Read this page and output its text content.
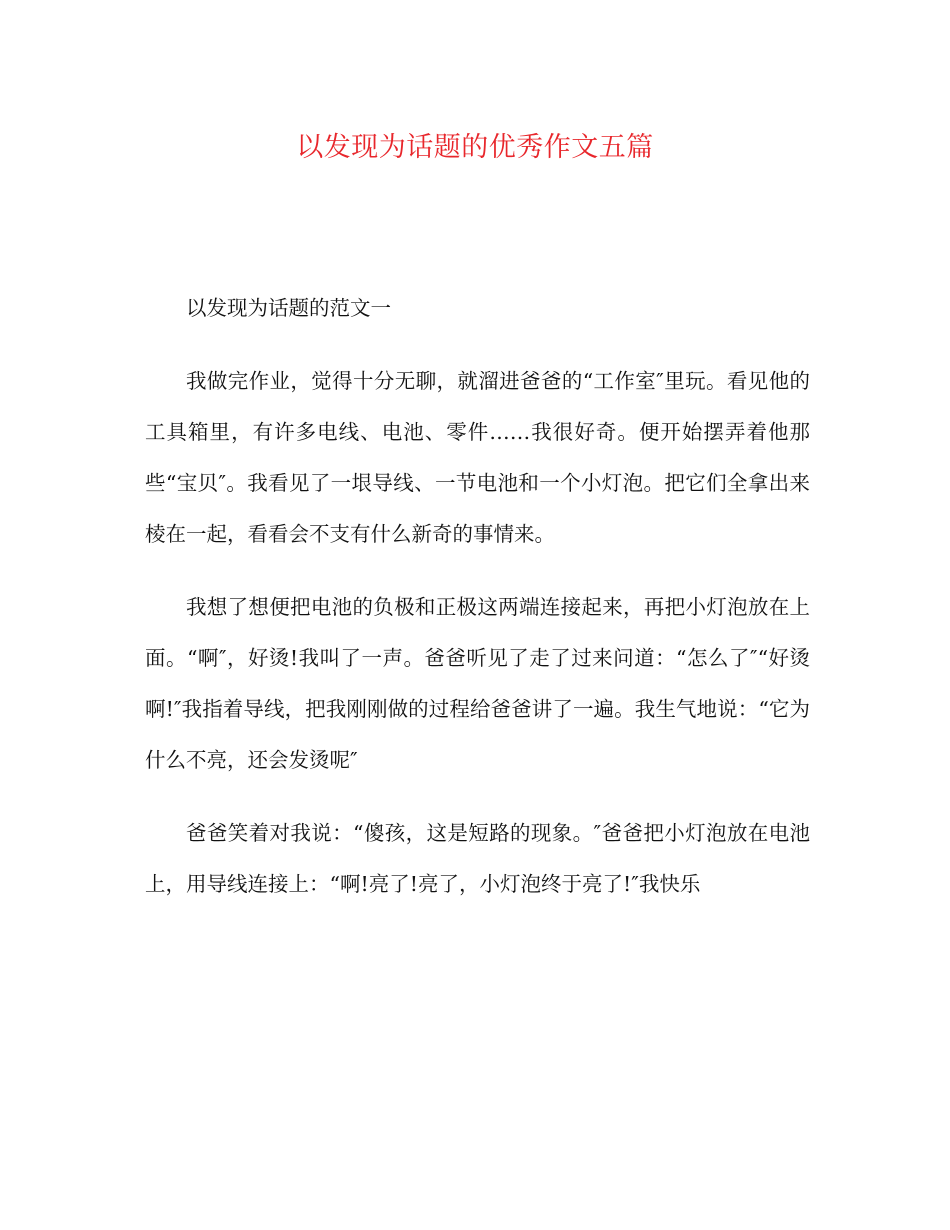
以发现为话题的优秀作文五篇

以发现为话题的范文一

我做完作业，觉得十分无聊，就溜进爸爸的“工作室″里玩。看见他的工具箱里，有许多电线、电池、零件……我很好奇。便开始摆弄着他那些“宝贝″。我看见了一垠导线、一节电池和一个小灯泡。把它们全拿出来棱在一起，看看会不支有什么新奇的事情来。

我想了想便把电池的负极和正极这两端连接起来，再把小灯泡放在上面。“啊″，好烫!我叫了一声。爸爸听见了走了过来问道：“怎么了″“好烫啊!″我指着导线，把我刚刚做的过程给爸爸讲了一遍。我生气地说：“它为什么不亮，还会发烫呢″

爸爸笑着对我说：“傻孩，这是短路的现象。″爸爸把小灯泡放在电池上，用导线连接上：“啊!亮了!亮了，小灯泡终于亮了!″我快乐
